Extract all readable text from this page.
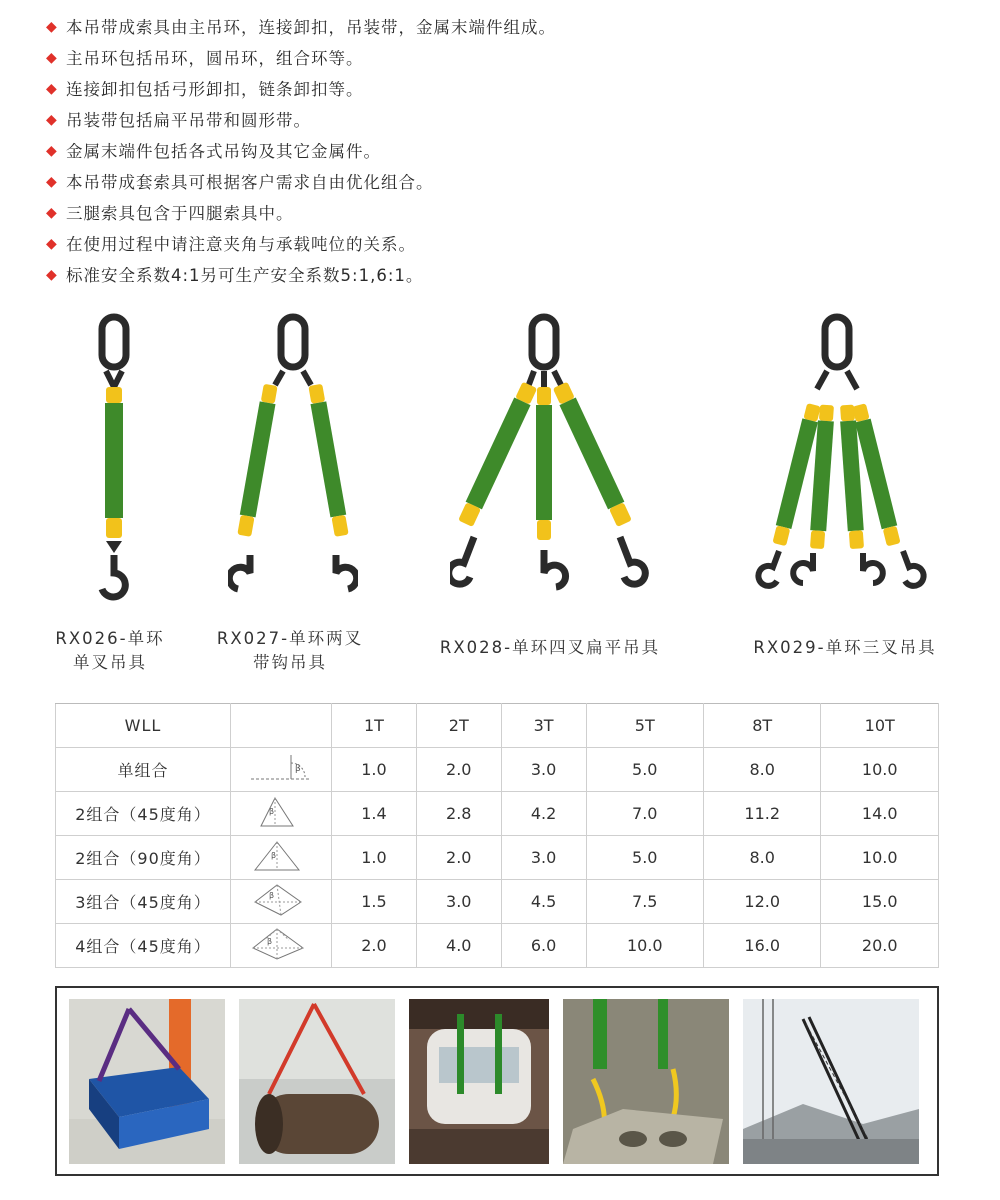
◆ 本吊带成索具由主吊环，连接卸扣，吊装带，金属末端件组成。
◆ 主吊环包括吊环，圆吊环，组合环等。
◆ 连接卸扣包括弓形卸扣，链条卸扣等。
◆ 吊装带包括扁平吊带和圆形带。
◆ 金属末端件包括各式吊钩及其它金属件。
◆ 本吊带成套索具可根据客户需求自由优化组合。
◆ 三腿索具包含于四腿索具中。
◆ 在使用过程中请注意夹角与承载吨位的关系。
◆ 标准安全系数4:1另可生产安全系数5:1,6:1。
RX026-单环
单叉吊具
RX027-单环两叉
带钩吊具
RX028-单环四叉扁平吊具	RX029-单环三叉吊具
WLL		1T	2T	3T	5T	8T	10T
单组合	β	1.0	2.0	3.0	5.0	8.0	10.0
2组合（45度角）	β	1.4	2.8	4.2	7.0	11.2	14.0
2组合（90度角）	β	1.0	2.0	3.0	5.0	8.0	10.0
3组合（45度角）	β	1.5	3.0	4.5	7.5	12.0	15.0
4组合（45度角）	β	2.0	4.0	6.0	10.0	16.0	20.0
